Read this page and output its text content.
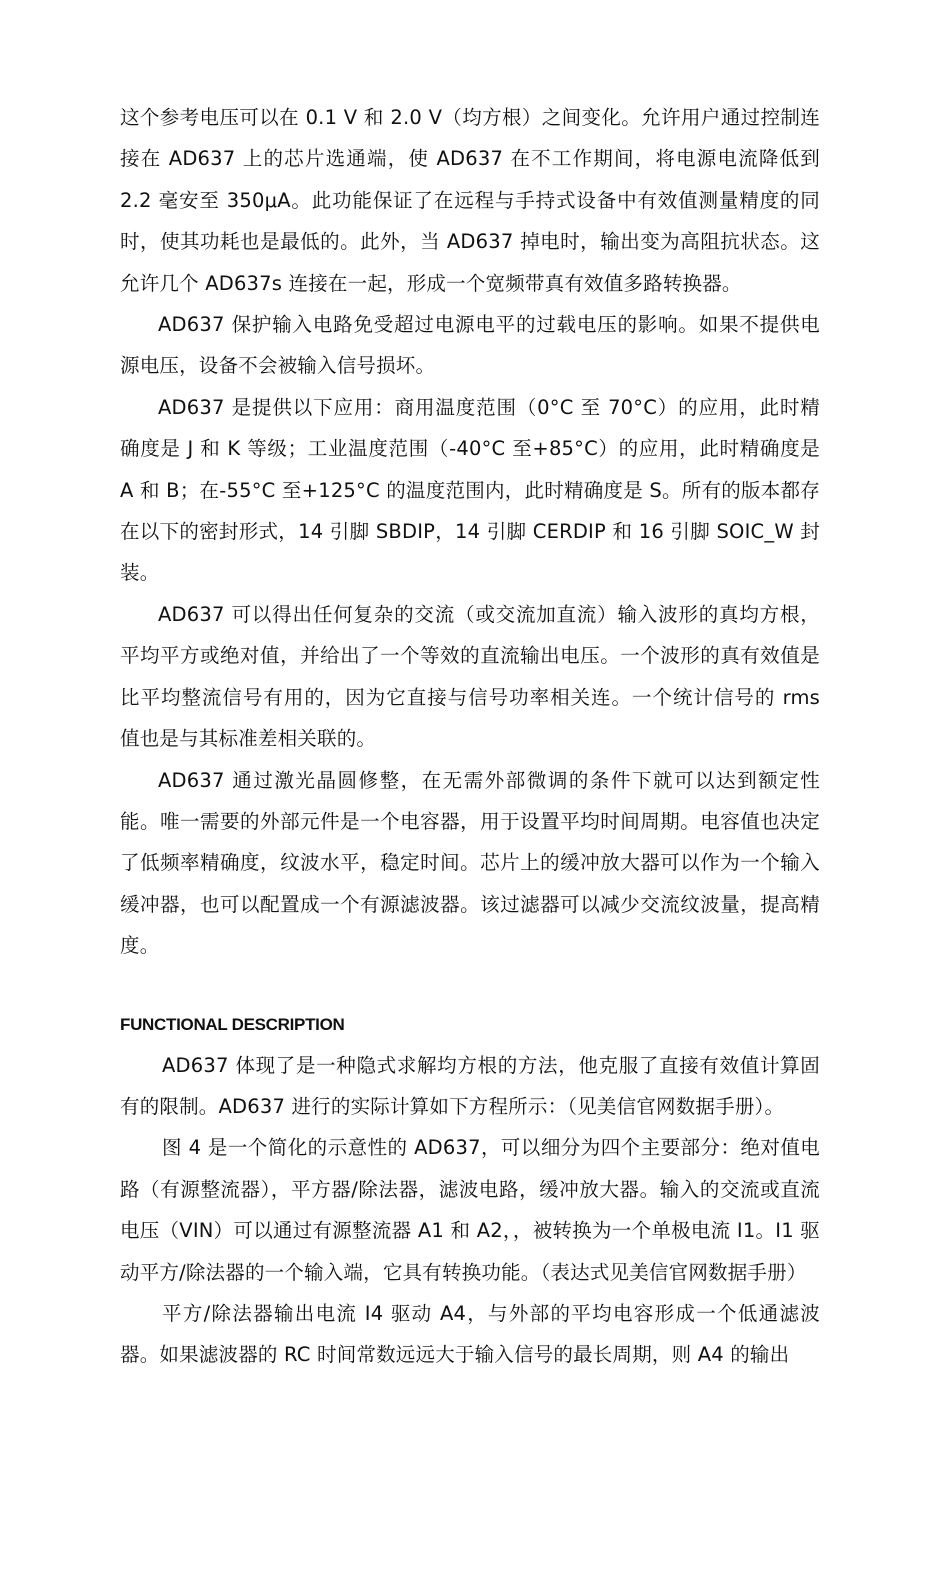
这个参考电压可以在 0.1 V 和 2.0 V（均方根）之间变化。允许用户通过控制连接在 AD637 上的芯片选通端，使 AD637 在不工作期间，将电源电流降低到 2.2 毫安至 350μA。此功能保证了在远程与手持式设备中有效值测量精度的同时，使其功耗也是最低的。此外，当 AD637 掉电时，输出变为高阻抗状态。这允许几个 AD637s 连接在一起，形成一个宽频带真有效值多路转换器。

AD637 保护输入电路免受超过电源电平的过载电压的影响。如果不提供电源电压，设备不会被输入信号损坏。

AD637 是提供以下应用：商用温度范围（0°C 至 70°C）的应用，此时精确度是 J 和 K 等级；工业温度范围（-40°C 至+85°C）的应用，此时精确度是 A 和 B；在-55°C 至+125°C 的温度范围内，此时精确度是 S。所有的版本都存在以下的密封形式，14 引脚 SBDIP，14 引脚 CERDIP 和 16 引脚 SOIC_W 封装。

AD637 可以得出任何复杂的交流（或交流加直流）输入波形的真均方根，平均平方或绝对值，并给出了一个等效的直流输出电压。一个波形的真有效值是比平均整流信号有用的，因为它直接与信号功率相关连。一个统计信号的 rms 值也是与其标准差相关联的。

AD637 通过激光晶圆修整，在无需外部微调的条件下就可以达到额定性能。唯一需要的外部元件是一个电容器，用于设置平均时间周期。电容值也决定了低频率精确度，纹波水平，稳定时间。芯片上的缓冲放大器可以作为一个输入缓冲器，也可以配置成一个有源滤波器。该过滤器可以减少交流纹波量，提高精度。

FUNCTIONAL DESCRIPTION

AD637 体现了是一种隐式求解均方根的方法，他克服了直接有效值计算固有的限制。AD637 进行的实际计算如下方程所示：（见美信官网数据手册）。

图 4 是一个简化的示意性的 AD637，可以细分为四个主要部分：绝对值电路（有源整流器），平方器/除法器，滤波电路，缓冲放大器。输入的交流或直流电压（VIN）可以通过有源整流器 A1 和 A2，，被转换为一个单极电流 I1。I1 驱动平方/除法器的一个输入端，它具有转换功能。（表达式见美信官网数据手册）

平方/除法器输出电流 I4 驱动 A4，与外部的平均电容形成一个低通滤波器。如果滤波器的 RC 时间常数远远大于输入信号的最长周期，则 A4 的输出
